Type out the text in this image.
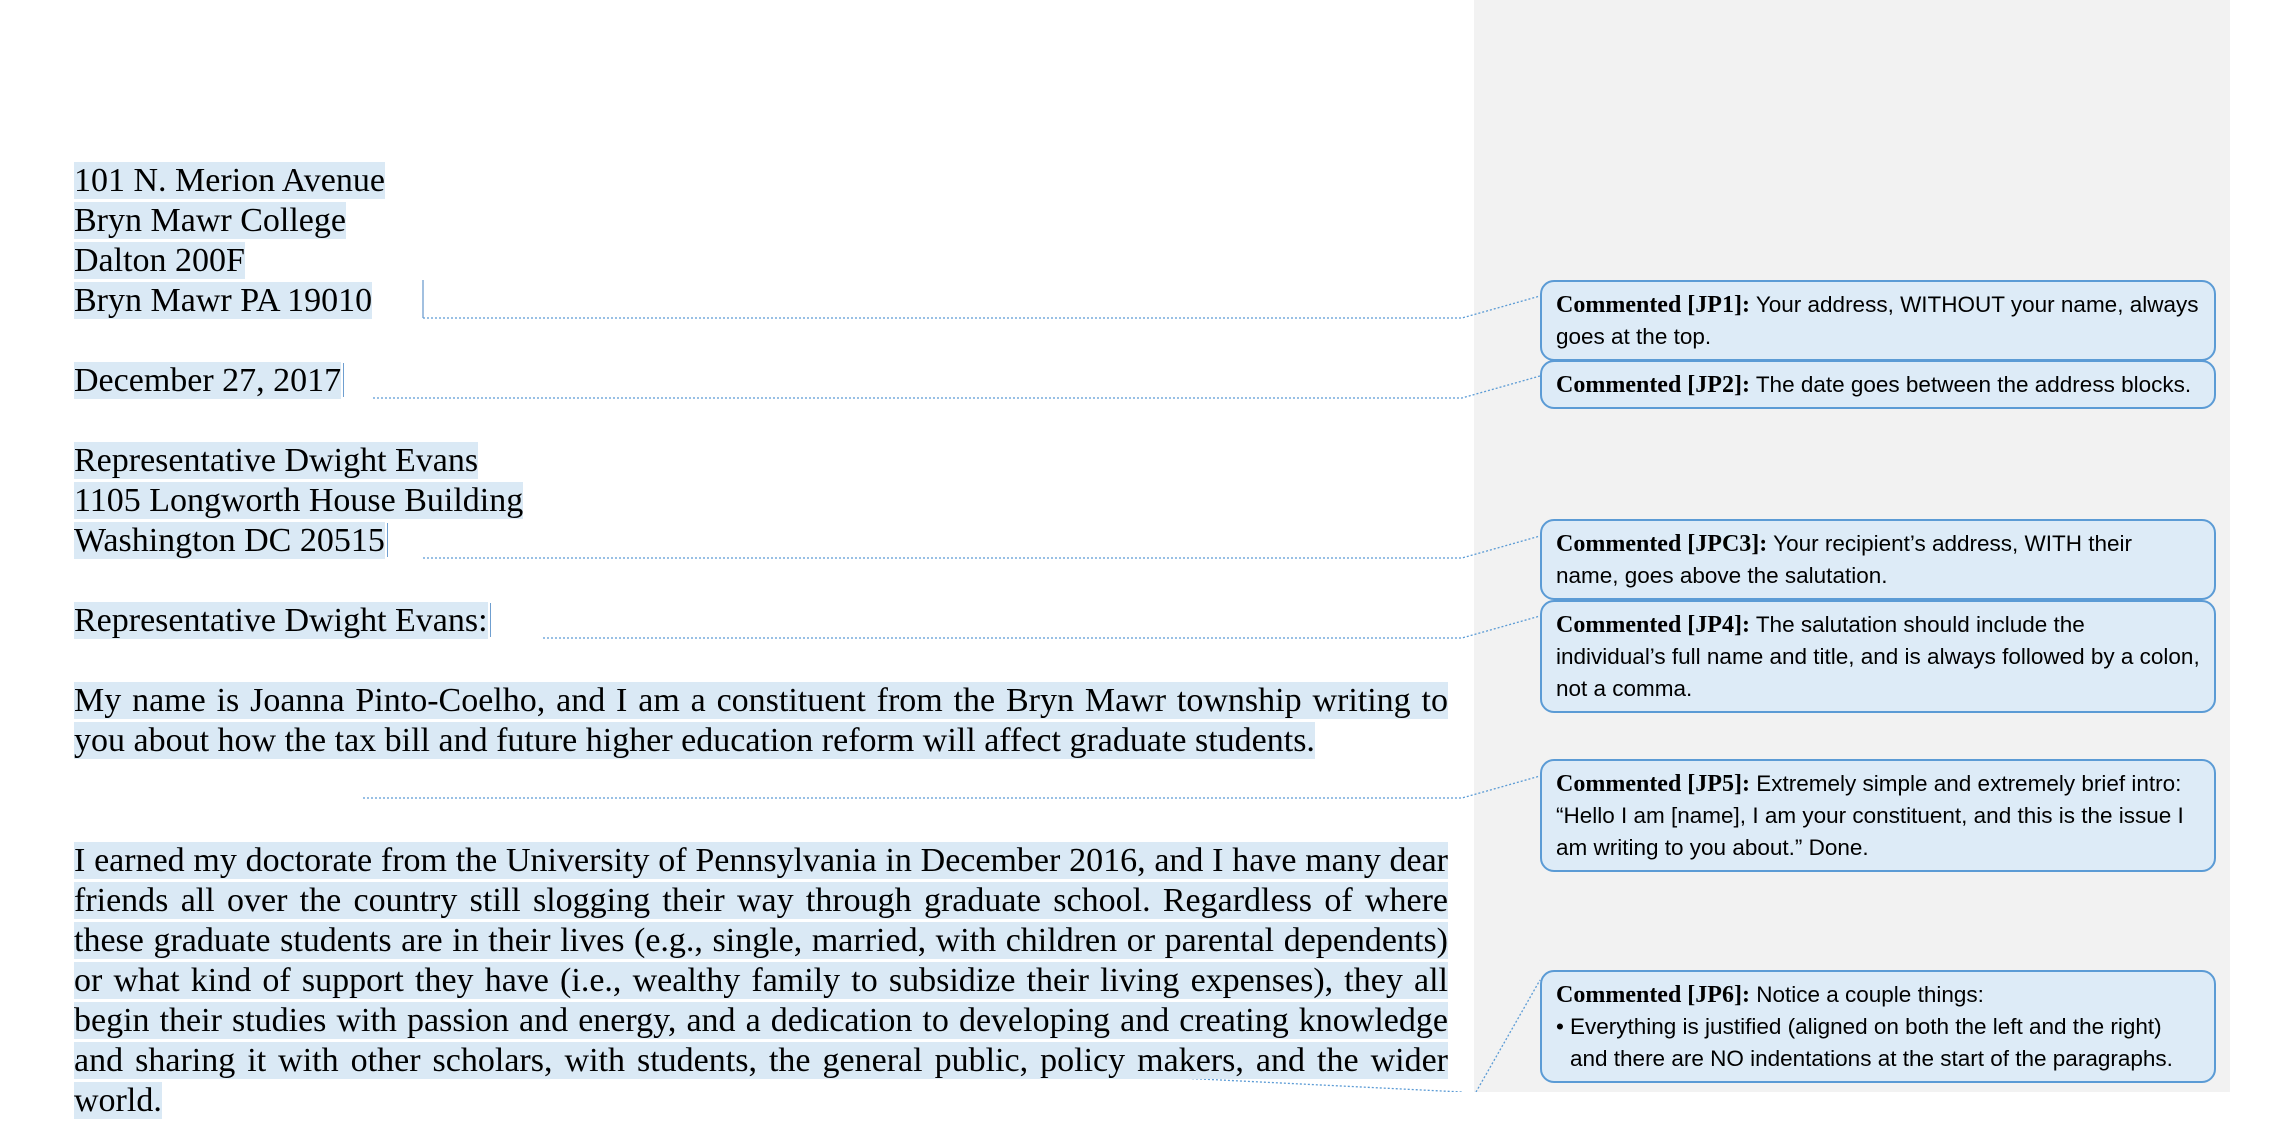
101 N. Merion Avenue
Bryn Mawr College
Dalton 200F
Bryn Mawr PA 19010
December 27, 2017
Representative Dwight Evans
1105 Longworth House Building
Washington DC 20515
Representative Dwight Evans:
My name is Joanna Pinto-Coelho, and I am a constituent from the Bryn Mawr township writing to you about how the tax bill and future higher education reform will affect graduate students.
I earned my doctorate from the University of Pennsylvania in December 2016, and I have many dear friends all over the country still slogging their way through graduate school. Regardless of where these graduate students are in their lives (e.g., single, married, with children or parental dependents) or what kind of support they have (i.e., wealthy family to subsidize their living expenses), they all begin their studies with passion and energy, and a dedication to developing and creating knowledge and sharing it with other scholars, with students, the general public, policy makers, and the wider world.
Commented [JP1]: Your address, WITHOUT your name, always goes at the top.
Commented [JP2]: The date goes between the address blocks.
Commented [JPC3]: Your recipient’s address, WITH their name, goes above the salutation.
Commented [JP4]: The salutation should include the individual’s full name and title, and is always followed by a colon, not a comma.
Commented [JP5]: Extremely simple and extremely brief intro: “Hello I am [name], I am your constituent, and this is the issue I am writing to you about.” Done.
Commented [JP6]: Notice a couple things:
• Everything is justified (aligned on both the left and the right) and there are NO indentations at the start of the paragraphs.
